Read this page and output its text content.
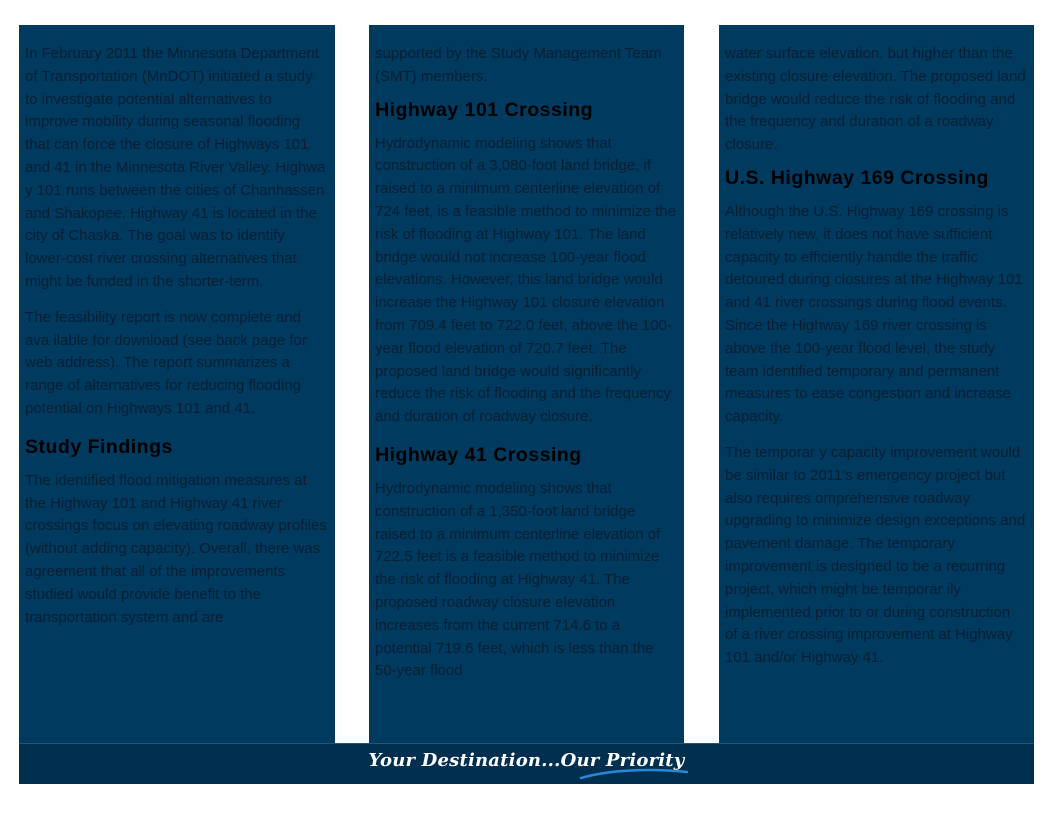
In February 2011 the Minnesota Department of Transportation (MnDOT) initiated a study to investigate potential alternatives to improve mobility during seasonal flooding that can force the closure of Highways 101 and 41 in the Minnesota River Valley. Highwa y 101 runs between the cities of Chanhassen and Shakopee. Highway 41 is located in the city of Chaska. The goal was to identify lower-cost river crossing alternatives that might be funded in the shorter-term.

The feasibility report is now complete and ava ilable for download (see back page for web address). The report summarizes a range of alternatives for reducing flooding potential on Highways 101 and 41.

Study Findings

The identified flood mitigation measures at the Highway 101 and Highway 41 river crossings focus on elevating roadway profiles (without adding capacity). Overall, there was agreement that all of the improvements studied would provide benefit to the transportation system and are

supported by the Study Management Team (SMT) members.

Highway 101 Crossing

Hydrodynamic modeling shows that construction of a 3,080-foot land bridge, if raised to a minimum centerline elevation of 724 feet, is a feasible method to minimize the risk of flooding at Highway 101. The land bridge would not increase 100-year flood elevations. However, this land bridge would increase the Highway 101 closure elevation from 709.4 feet to 722.0 feet, above the 100-year flood elevation of 720.7 feet. The proposed land bridge would significantly reduce the risk of flooding and the frequency and duration of roadway closure.

Highway 41 Crossing

Hydrodynamic modeling shows that construction of a 1,350-foot land bridge raised to a minimum centerline elevation of 722.5 feet is a feasible method to minimize the risk of flooding at Highway 41. The proposed roadway closure elevation increases from the current 714.6 to a potential 719.6 feet, which is less than the 50-year flood

water surface elevation, but higher than the existing closure elevation. The proposed land bridge would reduce the risk of flooding and the frequency and duration of a roadway closure.

U.S. Highway 169 Crossing

Although the U.S. Highway 169 crossing is relatively new, it does not have sufficient capacity to efficiently handle the traffic detoured during closures at the Highway 101 and 41 river crossings during flood events. Since the Highway 169 river crossing is above the 100-year flood level, the study team identified temporary and permanent measures to ease congestion and increase capacity.

The temporar y capacity improvement would be similar to 2011’s emergency project but also requires omprehensive roadway upgrading to minimize design exceptions and pavement damage. The temporary improvement is designed to be a recurring project, which might be temporar ily implemented prior to or during construction of a river crossing improvement at Highway 101 and/or Highway 41.

Your Destination...Our Priority
